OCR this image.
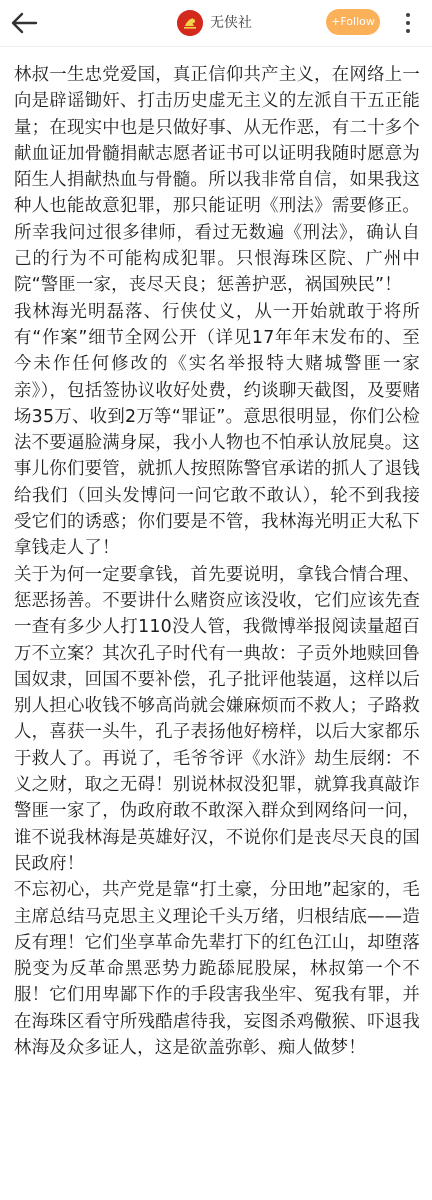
无侠社	+Follow

林叔一生忠党爱国，真正信仰共产主义，在网络上一向是辟谣锄奸、打击历史虚无主义的左派自干五正能量；在现实中也是只做好事、从无作恶，有二十多个献血证加骨髓捐献志愿者证书可以证明我随时愿意为陌生人捐献热血与骨髓。所以我非常自信，如果我这种人也能故意犯罪，那只能证明《刑法》需要修正。所幸我问过很多律师，看过无数遍《刑法》，确认自己的行为不可能构成犯罪。只恨海珠区院、广州中院“警匪一家，丧尽天良；惩善护恶，祸国殃民”！

我林海光明磊落、行侠仗义，从一开始就敢于将所有“作案”细节全网公开（详见17年年末发布的、至今未作任何修改的《实名举报特大赌城警匪一家亲》），包括签协议收好处费，约谈聊天截图，及要赌场35万、收到2万等“罪证”。意思很明显，你们公检法不要逼脸满身屎，我小人物也不怕承认放屁臭。这事儿你们要管，就抓人按照陈警官承诺的抓人了退钱给我们（回头发博问一问它敢不敢认），轮不到我接受它们的诱惑；你们要是不管，我林海光明正大私下拿钱走人了！

关于为何一定要拿钱，首先要说明，拿钱合情合理、惩恶扬善。不要讲什么赌资应该没收，它们应该先查一查有多少人打110没人管，我微博举报阅读量超百万不立案？其次孔子时代有一典故：子贡外地赎回鲁国奴隶，回国不要补偿，孔子批评他装逼，这样以后别人担心收钱不够高尚就会嫌麻烦而不救人；子路救人，喜获一头牛，孔子表扬他好榜样，以后大家都乐于救人了。再说了，毛爷爷评《水浒》劫生辰纲：不义之财，取之无碍！别说林叔没犯罪，就算我真敲诈警匪一家了，伪政府敢不敢深入群众到网络问一问，谁不说我林海是英雄好汉，不说你们是丧尽天良的国民政府！

不忘初心，共产党是靠“打土豪，分田地”起家的，毛主席总结马克思主义理论千头万绪，归根结底——造反有理！它们坐享革命先辈打下的红色江山，却堕落脱变为反革命黑恶势力跪舔屁股屎，林叔第一个不服！它们用卑鄙下作的手段害我坐牢、冤我有罪，并在海珠区看守所残酷虐待我，妄图杀鸡儆猴、吓退我林海及众多证人，这是欲盖弥彰、痴人做梦！
